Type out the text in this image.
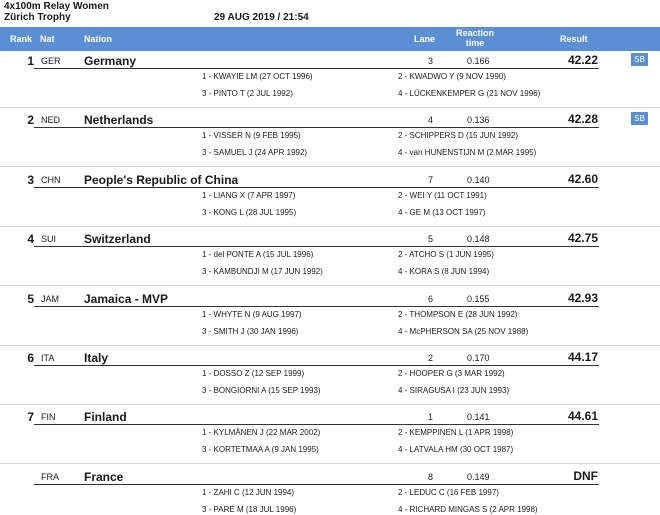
4x100m Relay Women
Zürich Trophy	29 AUG 2019 / 21:54
Rank Nat	Nation	Lane
Reaction
time	Result
1 GER Germany	3	0.166	42.22	SB
1 - KWAYIE LM (27 OCT 1996)	2 - KWADWO Y (9 NOV 1990)
3 - PINTO T (2 JUL 1992)	4 - LÜCKENKEMPER G (21 NOV 1996)
2 NED Netherlands	4	0.136	42.28	SB
1 - VISSER N (9 FEB 1995)	2 - SCHIPPERS D (15 JUN 1992)
3 - SAMUEL J (24 APR 1992)	4 - van HUNENSTIJN M (2 MAR 1995)
3 CHN People's Republic of China	7	0.140	42.60
1 - LIANG X (7 APR 1997)	2 - WEI Y (11 OCT 1991)
3 - KONG L (28 JUL 1995)	4 - GE M (13 OCT 1997)
4 SUI Switzerland	5	0.148	42.75
1 - del PONTE A (15 JUL 1996)	2 - ATCHO S (1 JUN 1995)
3 - KAMBUNDJI M (17 JUN 1992)	4 - KORA S (8 JUN 1994)
5 JAM Jamaica - MVP	6	0.155	42.93
1 - WHYTE N (9 AUG 1997)	2 - THOMPSON E (28 JUN 1992)
3 - SMITH J (30 JAN 1996)	4 - McPHERSON SA (25 NOV 1988)
6 ITA Italy	2	0.170	44.17
1 - DOSSO Z (12 SEP 1999)	2 - HOOPER G (3 MAR 1992)
3 - BONGIORNI A (15 SEP 1993)	4 - SIRAGUSA I (23 JUN 1993)
7 FIN Finland	1	0.141	44.61
1 - KYLMÄNEN J (22 MAR 2002)	2 - KEMPPINEN L (1 APR 1998)
3 - KORTETMAA A (9 JAN 1995)	4 - LATVALA HM (30 OCT 1987)
FRA France	8	0.149	DNF
1 - ZAHI C (12 JUN 1994)	2 - LEDUC C (16 FEB 1997)
3 - PARÉ M (18 JUL 1996)	4 - RICHARD MINGAS S (2 APR 1998)
